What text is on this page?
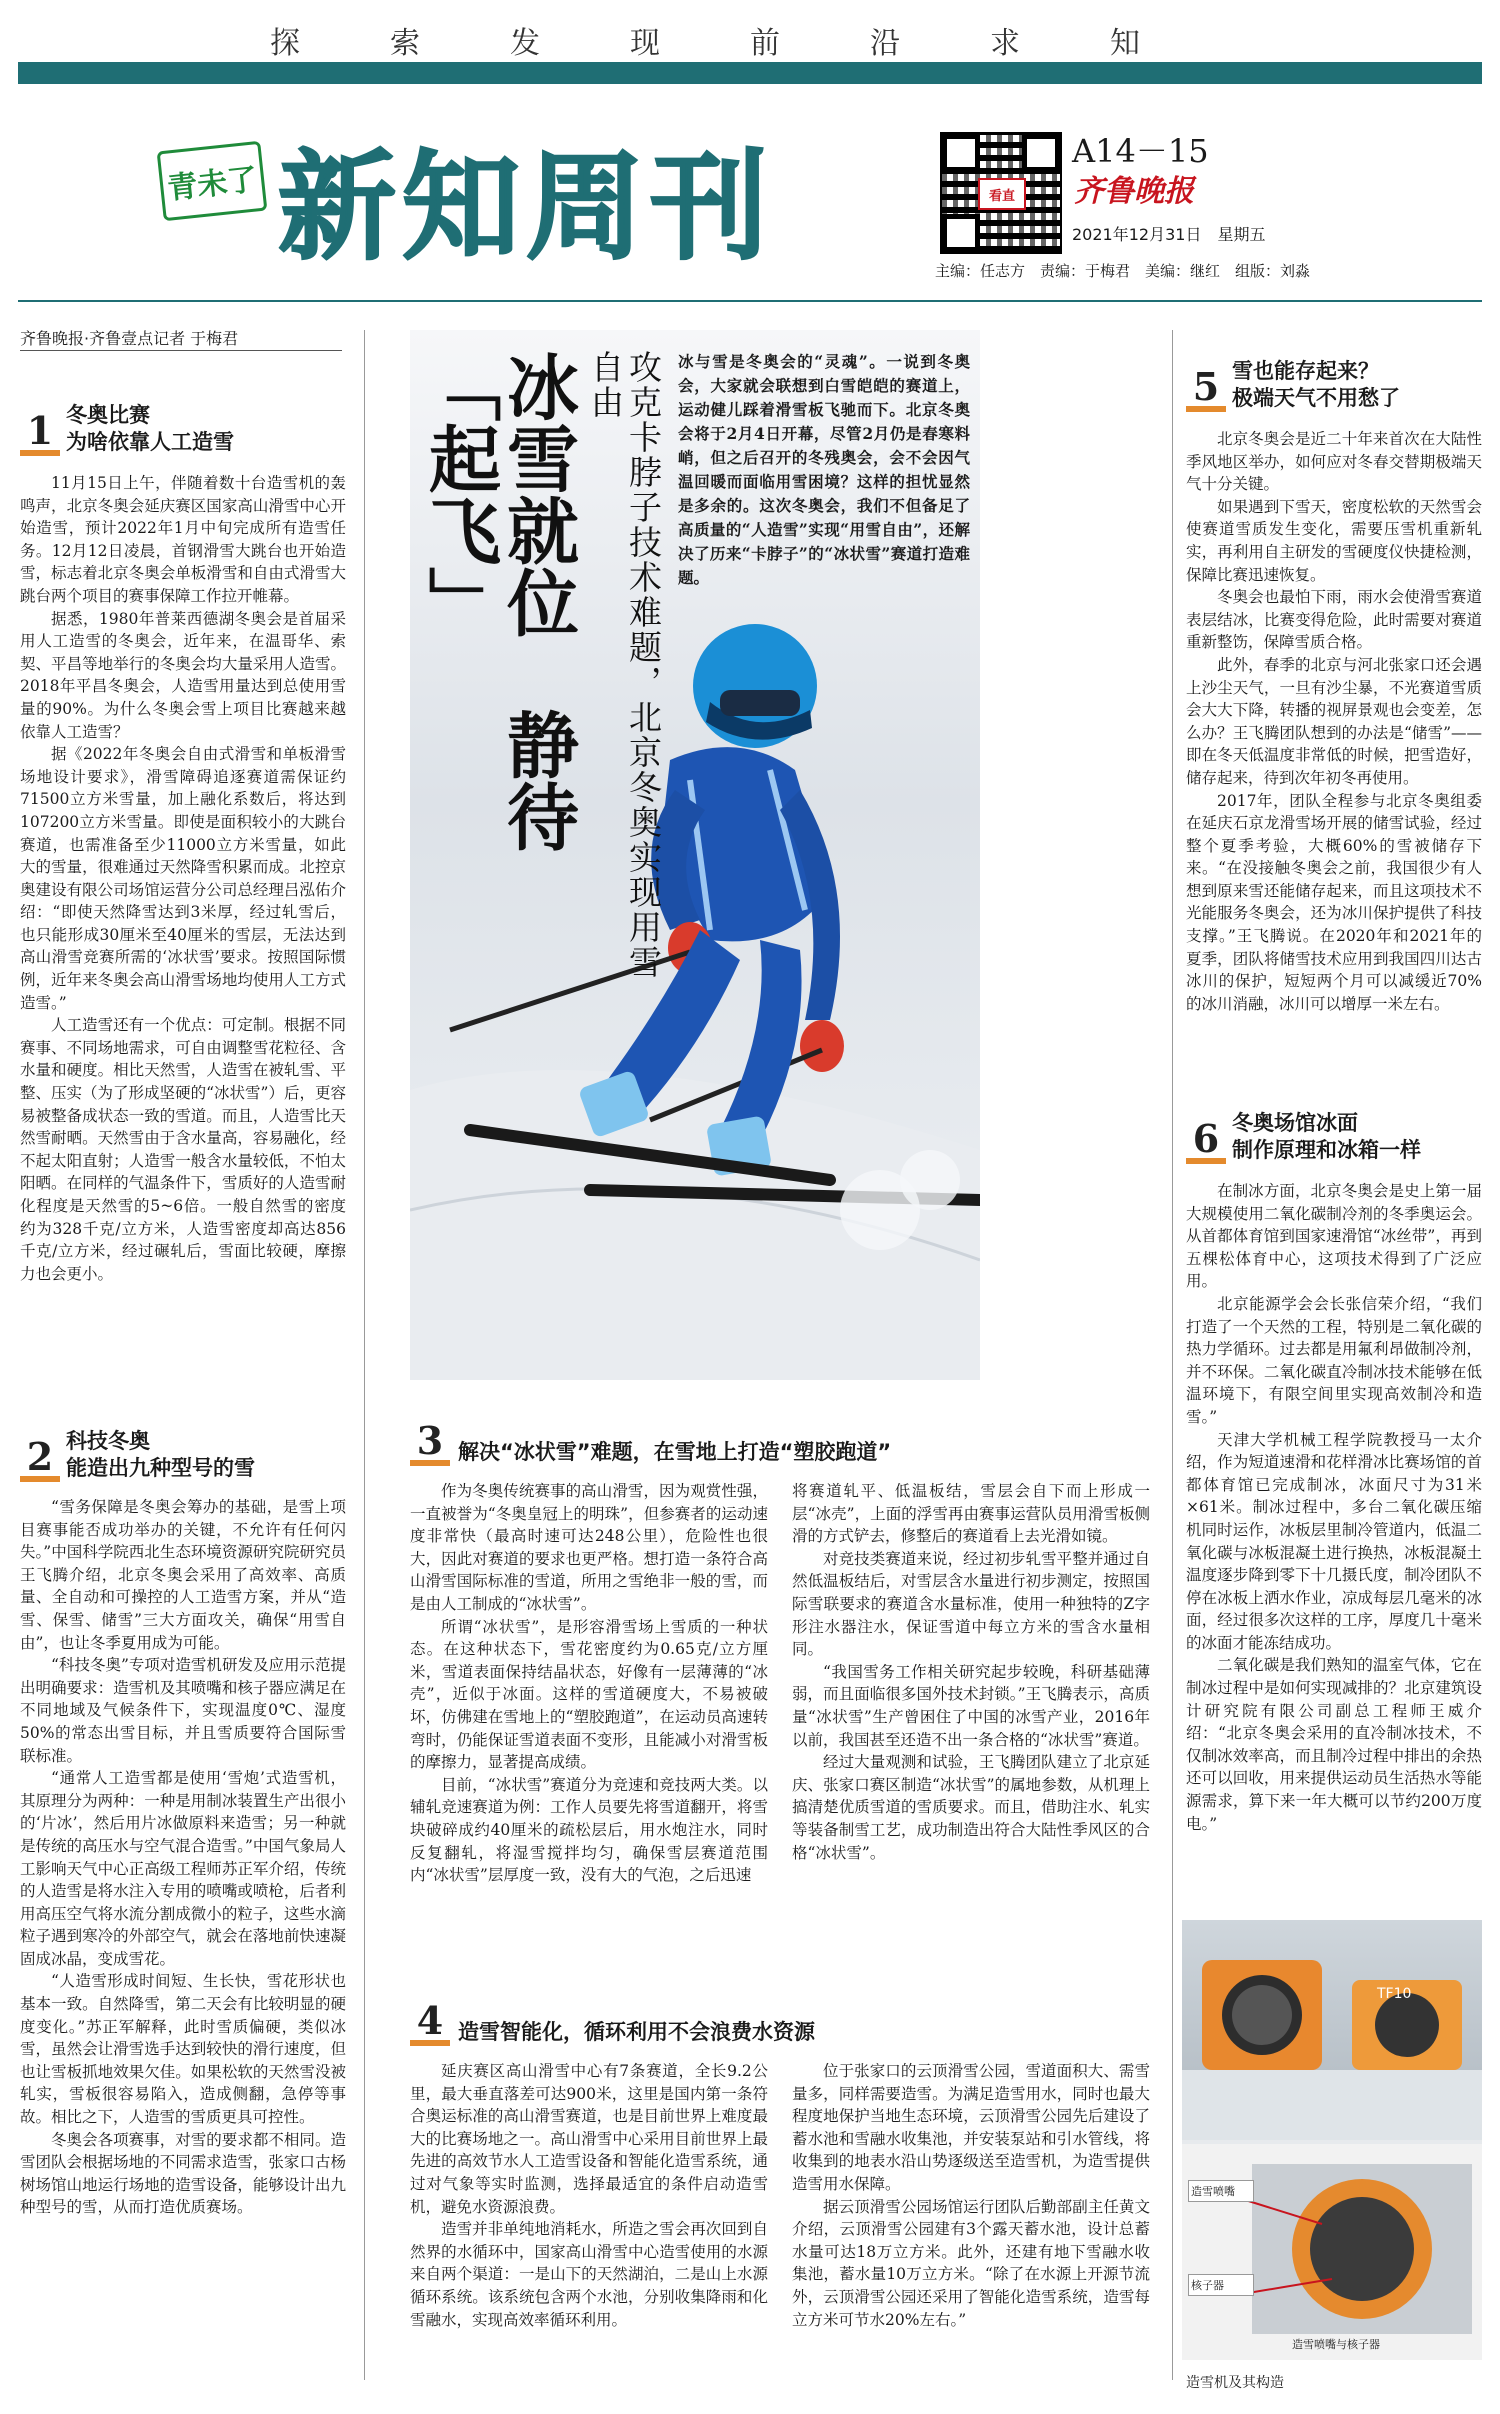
探索发现前沿求知
青未了 新知周刊	看直
A14－15
齐鲁晚报
2021年12月31日　星期五
主编：任志方　责编：于梅君　美编：继红　组版：刘淼
齐鲁晚报·齐鲁壹点记者 于梅君
1 冬奥比赛
为啥依靠人工造雪

11月15日上午，伴随着数十台造雪机的轰鸣声，北京冬奥会延庆赛区国家高山滑雪中心开始造雪，预计2022年1月中旬完成所有造雪任务。12月12日凌晨，首钢滑雪大跳台也开始造雪，标志着北京冬奥会单板滑雪和自由式滑雪大跳台两个项目的赛事保障工作拉开帷幕。

据悉，1980年普莱西德湖冬奥会是首届采用人工造雪的冬奥会，近年来，在温哥华、索契、平昌等地举行的冬奥会均大量采用人造雪。2018年平昌冬奥会，人造雪用量达到总使用雪量的90%。为什么冬奥会雪上项目比赛越来越依靠人工造雪？

据《2022年冬奥会自由式滑雪和单板滑雪场地设计要求》，滑雪障碍追逐赛道需保证约71500立方米雪量，加上融化系数后，将达到107200立方米雪量。即使是面积较小的大跳台赛道，也需准备至少11000立方米雪量，如此大的雪量，很难通过天然降雪积累而成。北控京奥建设有限公司场馆运营分公司总经理吕泓佑介绍：“即使天然降雪达到3米厚，经过轧雪后，也只能形成30厘米至40厘米的雪层，无法达到高山滑雪竞赛所需的‘冰状雪’要求。按照国际惯例，近年来冬奥会高山滑雪场地均使用人工方式造雪。”

人工造雪还有一个优点：可定制。根据不同赛事、不同场地需求，可自由调整雪花粒径、含水量和硬度。相比天然雪，人造雪在被轧雪、平整、压实（为了形成坚硬的“冰状雪”）后，更容易被整备成状态一致的雪道。而且，人造雪比天然雪耐晒。天然雪由于含水量高，容易融化，经不起太阳直射；人造雪一般含水量较低，不怕太阳晒。在同样的气温条件下，雪质好的人造雪耐化程度是天然雪的5~6倍。一般自然雪的密度约为328千克/立方米，人造雪密度却高达856千克/立方米，经过碾轧后，雪面比较硬，摩擦力也会更小。

2 科技冬奥
能造出九种型号的雪

“雪务保障是冬奥会筹办的基础，是雪上项目赛事能否成功举办的关键，不允许有任何闪失。”中国科学院西北生态环境资源研究院研究员王飞腾介绍，北京冬奥会采用了高效率、高质量、全自动和可操控的人工造雪方案，并从“造雪、保雪、储雪”三大方面攻关，确保“用雪自由”，也让冬季夏用成为可能。

“科技冬奥”专项对造雪机研发及应用示范提出明确要求：造雪机及其喷嘴和核子器应满足在不同地域及气候条件下，实现温度0℃、湿度50%的常态出雪目标，并且雪质要符合国际雪联标准。

“通常人工造雪都是使用‘雪炮’式造雪机，其原理分为两种：一种是用制冰装置生产出很小的‘片冰’，然后用片冰做原料来造雪；另一种就是传统的高压水与空气混合造雪。”中国气象局人工影响天气中心正高级工程师苏正军介绍，传统的人造雪是将水注入专用的喷嘴或喷枪，后者利用高压空气将水流分割成微小的粒子，这些水滴粒子遇到寒冷的外部空气，就会在落地前快速凝固成冰晶，变成雪花。

“人造雪形成时间短、生长快，雪花形状也基本一致。自然降雪，第二天会有比较明显的硬度变化。”苏正军解释，此时雪质偏硬，类似冰雪，虽然会让滑雪选手达到较快的滑行速度，但也让雪板抓地效果欠佳。如果松软的天然雪没被轧实，雪板很容易陷入，造成侧翻，急停等事故。相比之下，人造雪的雪质更具可控性。

冬奥会各项赛事，对雪的要求都不相同。造雪团队会根据场地的不同需求造雪，张家口古杨树场馆山地运行场地的造雪设备，能够设计出九种型号的雪，从而打造优质赛场。

攻克卡脖子技术难题，北京冬奥实现用雪自由
冰雪就位  静待「起飞」	冰与雪是冬奥会的“灵魂”。一说到冬奥会，大家就会联想到白雪皑皑的赛道上，运动健儿踩着滑雪板飞驰而下。北京冬奥会将于2月4日开幕，尽管2月仍是春寒料峭，但之后召开的冬残奥会，会不会因气温回暖而面临用雪困境？这样的担忧显然是多余的。这次冬奥会，我们不但备足了高质量的“人造雪”实现“用雪自由”，还解决了历来“卡脖子”的“冰状雪”赛道打造难题。
3 解决“冰状雪”难题，在雪地上打造“塑胶跑道”

作为冬奥传统赛事的高山滑雪，因为观赏性强，一直被誉为“冬奥皇冠上的明珠”，但参赛者的运动速度非常快（最高时速可达248公里），危险性也很大，因此对赛道的要求也更严格。想打造一条符合高山滑雪国际标准的雪道，所用之雪绝非一般的雪，而是由人工制成的“冰状雪”。

所谓“冰状雪”，是形容滑雪场上雪质的一种状态。在这种状态下，雪花密度约为0.65克/立方厘米，雪道表面保持结晶状态，好像有一层薄薄的“冰壳”，近似于冰面。这样的雪道硬度大，不易被破坏，仿佛建在雪地上的“塑胶跑道”，在运动员高速转弯时，仍能保证雪道表面不变形，且能减小对滑雪板的摩擦力，显著提高成绩。

目前，“冰状雪”赛道分为竞速和竞技两大类。以辅轧竞速赛道为例：工作人员要先将雪道翻开，将雪块破碎成约40厘米的疏松层后，用水炮注水，同时反复翻轧，将湿雪搅拌均匀，确保雪层赛道范围内“冰状雪”层厚度一致，没有大的气泡，之后迅速

将赛道轧平、低温板结，雪层会自下而上形成一层“冰壳”，上面的浮雪再由赛事运营队员用滑雪板侧滑的方式铲去，修整后的赛道看上去光滑如镜。

对竞技类赛道来说，经过初步轧雪平整并通过自然低温板结后，对雪层含水量进行初步测定，按照国际雪联要求的赛道含水量标准，使用一种独特的Z字形注水器注水，保证雪道中每立方米的雪含水量相同。

“我国雪务工作相关研究起步较晚，科研基础薄弱，而且面临很多国外技术封锁。”王飞腾表示，高质量“冰状雪”生产曾困住了中国的冰雪产业，2016年以前，我国甚至还造不出一条合格的“冰状雪”赛道。

经过大量观测和试验，王飞腾团队建立了北京延庆、张家口赛区制造“冰状雪”的属地参数，从机理上搞清楚优质雪道的雪质要求。而且，借助注水、轧实等装备制雪工艺，成功制造出符合大陆性季风区的合格“冰状雪”。

4 造雪智能化，循环利用不会浪费水资源

延庆赛区高山滑雪中心有7条赛道，全长9.2公里，最大垂直落差可达900米，这里是国内第一条符合奥运标准的高山滑雪赛道，也是目前世界上难度最大的比赛场地之一。高山滑雪中心采用目前世界上最先进的高效节水人工造雪设备和智能化造雪系统，通过对气象等实时监测，选择最适宜的条件启动造雪机，避免水资源浪费。

造雪并非单纯地消耗水，所造之雪会再次回到自然界的水循环中，国家高山滑雪中心造雪使用的水源来自两个渠道：一是山下的天然湖泊，二是山上水源循环系统。该系统包含两个水池，分别收集降雨和化雪融水，实现高效率循环利用。

位于张家口的云顶滑雪公园，雪道面积大、需雪量多，同样需要造雪。为满足造雪用水，同时也最大程度地保护当地生态环境，云顶滑雪公园先后建设了蓄水池和雪融水收集池，并安装泵站和引水管线，将收集到的地表水沿山势逐级送至造雪机，为造雪提供造雪用水保障。

据云顶滑雪公园场馆运行团队后勤部副主任黄文介绍，云顶滑雪公园建有3个露天蓄水池，设计总蓄水量可达18万立方米。此外，还建有地下雪融水收集池，蓄水量10万立方米。“除了在水源上开源节流外，云顶滑雪公园还采用了智能化造雪系统，造雪每立方米可节水20%左右。”

5 雪也能存起来？
极端天气不用愁了

北京冬奥会是近二十年来首次在大陆性季风地区举办，如何应对冬春交替期极端天气十分关键。

如果遇到下雪天，密度松软的天然雪会使赛道雪质发生变化，需要压雪机重新轧实，再利用自主研发的雪硬度仪快捷检测，保障比赛迅速恢复。

冬奥会也最怕下雨，雨水会使滑雪赛道表层结冰，比赛变得危险，此时需要对赛道重新整饬，保障雪质合格。

此外，春季的北京与河北张家口还会遇上沙尘天气，一旦有沙尘暴，不光赛道雪质会大大下降，转播的视屏景观也会变差，怎么办？王飞腾团队想到的办法是“储雪”——即在冬天低温度非常低的时候，把雪造好，储存起来，待到次年初冬再使用。

2017年，团队全程参与北京冬奥组委在延庆石京龙滑雪场开展的储雪试验，经过整个夏季考验，大概60%的雪被储存下来。“在没接触冬奥会之前，我国很少有人想到原来雪还能储存起来，而且这项技术不光能服务冬奥会，还为冰川保护提供了科技支撑。”王飞腾说。在2020年和2021年的夏季，团队将储雪技术应用到我国四川达古冰川的保护，短短两个月可以减缓近70%的冰川消融，冰川可以增厚一米左右。

6 冬奥场馆冰面
制作原理和冰箱一样

在制冰方面，北京冬奥会是史上第一届大规模使用二氧化碳制冷剂的冬季奥运会。从首都体育馆到国家速滑馆“冰丝带”，再到五棵松体育中心，这项技术得到了广泛应用。

北京能源学会会长张信荣介绍，“我们打造了一个天然的工程，特别是二氧化碳的热力学循环。过去都是用氟利昂做制冷剂，并不环保。二氧化碳直冷制冰技术能够在低温环境下，有限空间里实现高效制冷和造雪。”

天津大学机械工程学院教授马一太介绍，作为短道速滑和花样滑冰比赛场馆的首都体育馆已完成制冰，冰面尺寸为31米×61米。制冰过程中，多台二氧化碳压缩机同时运作，冰板层里制冷管道内，低温二氧化碳与冰板混凝土进行换热，冰板混凝土温度逐步降到零下十几摄氏度，制冷团队不停在冰板上洒水作业，凉成每层几毫米的冰面，经过很多次这样的工序，厚度几十毫米的冰面才能冻结成功。

二氧化碳是我们熟知的温室气体，它在制冰过程中是如何实现减排的？北京建筑设计研究院有限公司副总工程师王威介绍：“北京冬奥会采用的直冷制冰技术，不仅制冰效率高，而且制冷过程中排出的余热还可以回收，用来提供运动员生活热水等能源需求，算下来一年大概可以节约200万度电。”

TF10
造雪喷嘴
核子器
造雪喷嘴与核子器
造雪机及其构造
